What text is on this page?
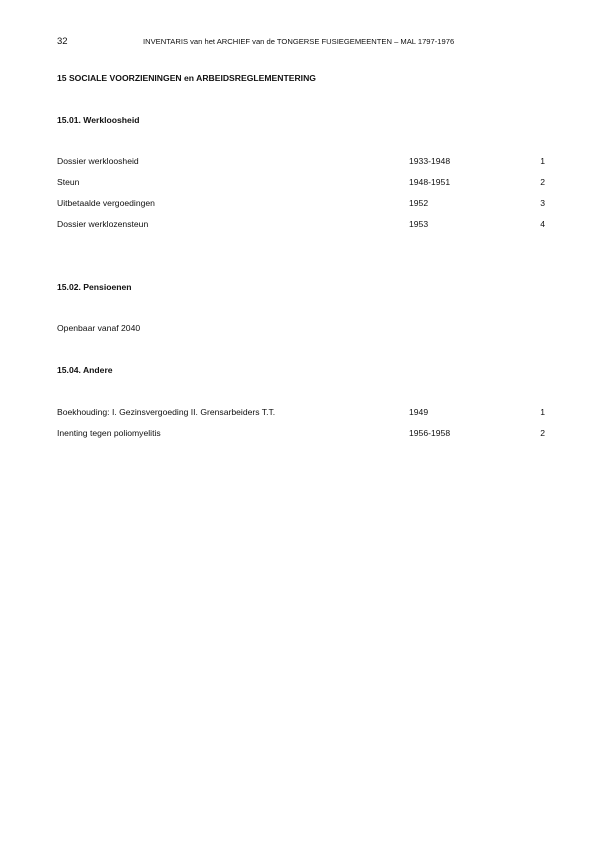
32	INVENTARIS van het ARCHIEF van de TONGERSE FUSIEGEMEENTEN – MAL 1797-1976
15 SOCIALE VOORZIENINGEN en ARBEIDSREGLEMENTERING
15.01. Werkloosheid
Dossier werkloosheid	1933-1948	1
Steun	1948-1951	2
Uitbetaalde vergoedingen	1952	3
Dossier werklozensteun	1953	4
15.02. Pensioenen
Openbaar vanaf 2040
15.04. Andere
Boekhouding: I. Gezinsvergoeding II. Grensarbeiders T.T.	1949	1
Inenting tegen poliomyelitis	1956-1958	2
